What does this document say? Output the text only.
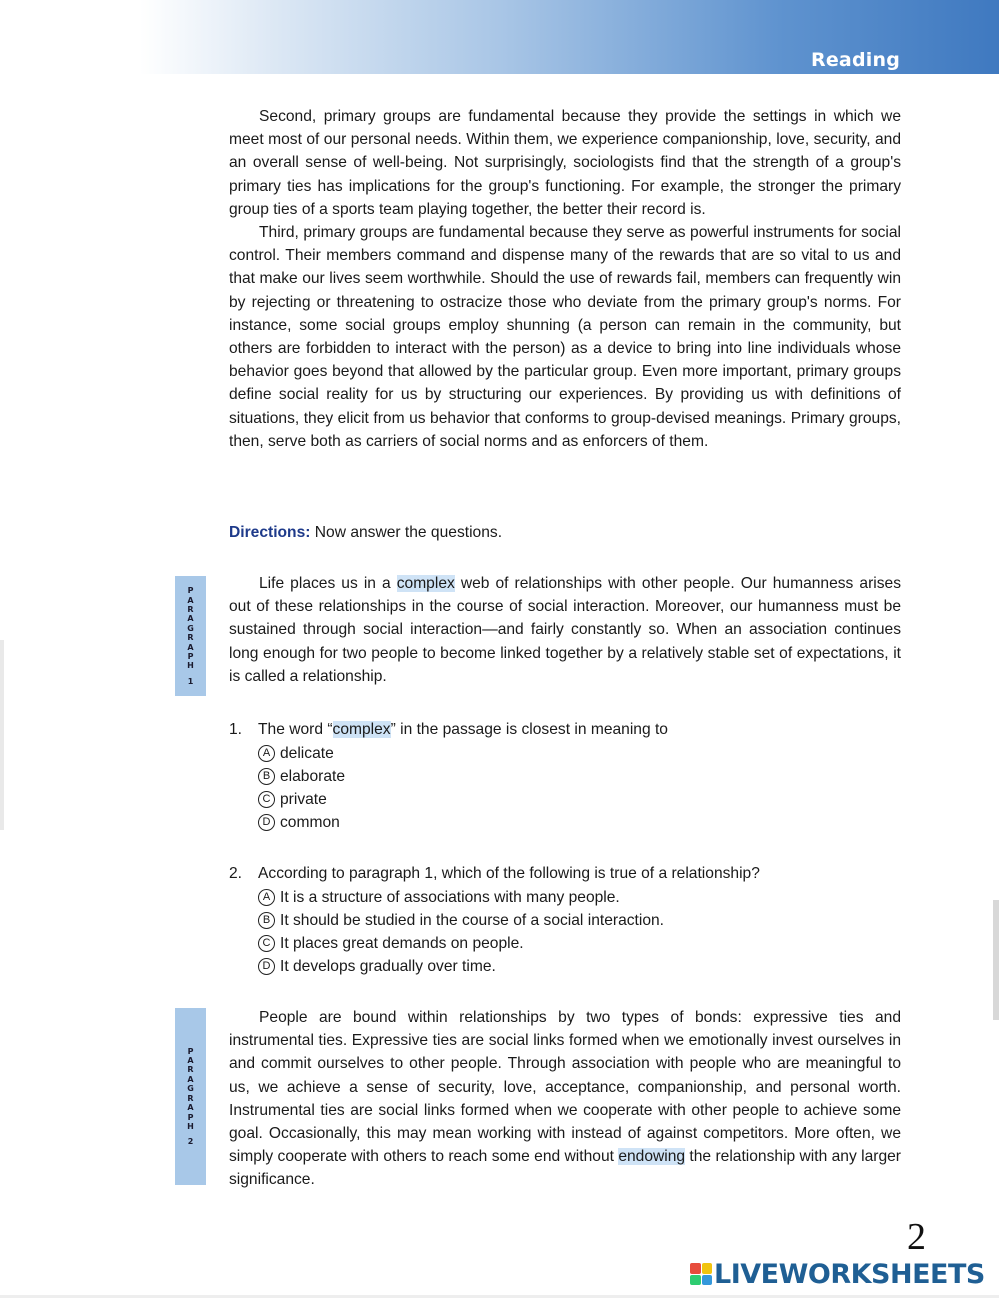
Reading

Second, primary groups are fundamental because they provide the settings in which we meet most of our personal needs. Within them, we experience companionship, love, security, and an overall sense of well-being. Not surprisingly, sociologists find that the strength of a group's primary ties has implications for the group's functioning. For example, the stronger the primary group ties of a sports team playing together, the better their record is.

Third, primary groups are fundamental because they serve as powerful instruments for social control. Their members command and dispense many of the rewards that are so vital to us and that make our lives seem worthwhile. Should the use of rewards fail, members can frequently win by rejecting or threatening to ostracize those who deviate from the primary group's norms. For instance, some social groups employ shunning (a person can remain in the community, but others are forbidden to interact with the person) as a device to bring into line individuals whose behavior goes beyond that allowed by the particular group. Even more important, primary groups define social reality for us by structuring our experiences. By providing us with definitions of situations, they elicit from us behavior that conforms to group-devised meanings. Primary groups, then, serve both as carriers of social norms and as enforcers of them.

Directions: Now answer the questions.
P
A
R
A
G
R
A
P
H
1

Life places us in a complex web of relationships with other people. Our humanness arises out of these relationships in the course of social interaction. Moreover, our humanness must be sustained through social interaction—and fairly constantly so. When an association continues long enough for two people to become linked together by a relatively stable set of expectations, it is called a relationship.

1. The word “complex” in the passage is closest in meaning to
A delicate
B elaborate
C private
D common
2. According to paragraph 1, which of the following is true of a relationship?
A It is a structure of associations with many people.
B It should be studied in the course of a social interaction.
C It places great demands on people.
D It develops gradually over time.
P
A
R
A
G
R
A
P
H
2

People are bound within relationships by two types of bonds: expressive ties and instrumental ties. Expressive ties are social links formed when we emotionally invest ourselves in and commit ourselves to other people. Through association with people who are meaningful to us, we achieve a sense of security, love, acceptance, companionship, and personal worth. Instrumental ties are social links formed when we cooperate with other people to achieve some goal. Occasionally, this may mean working with instead of against competitors. More often, we simply cooperate with others to reach some end without endowing the relationship with any larger significance.

2
LIVEWORKSHEETS
